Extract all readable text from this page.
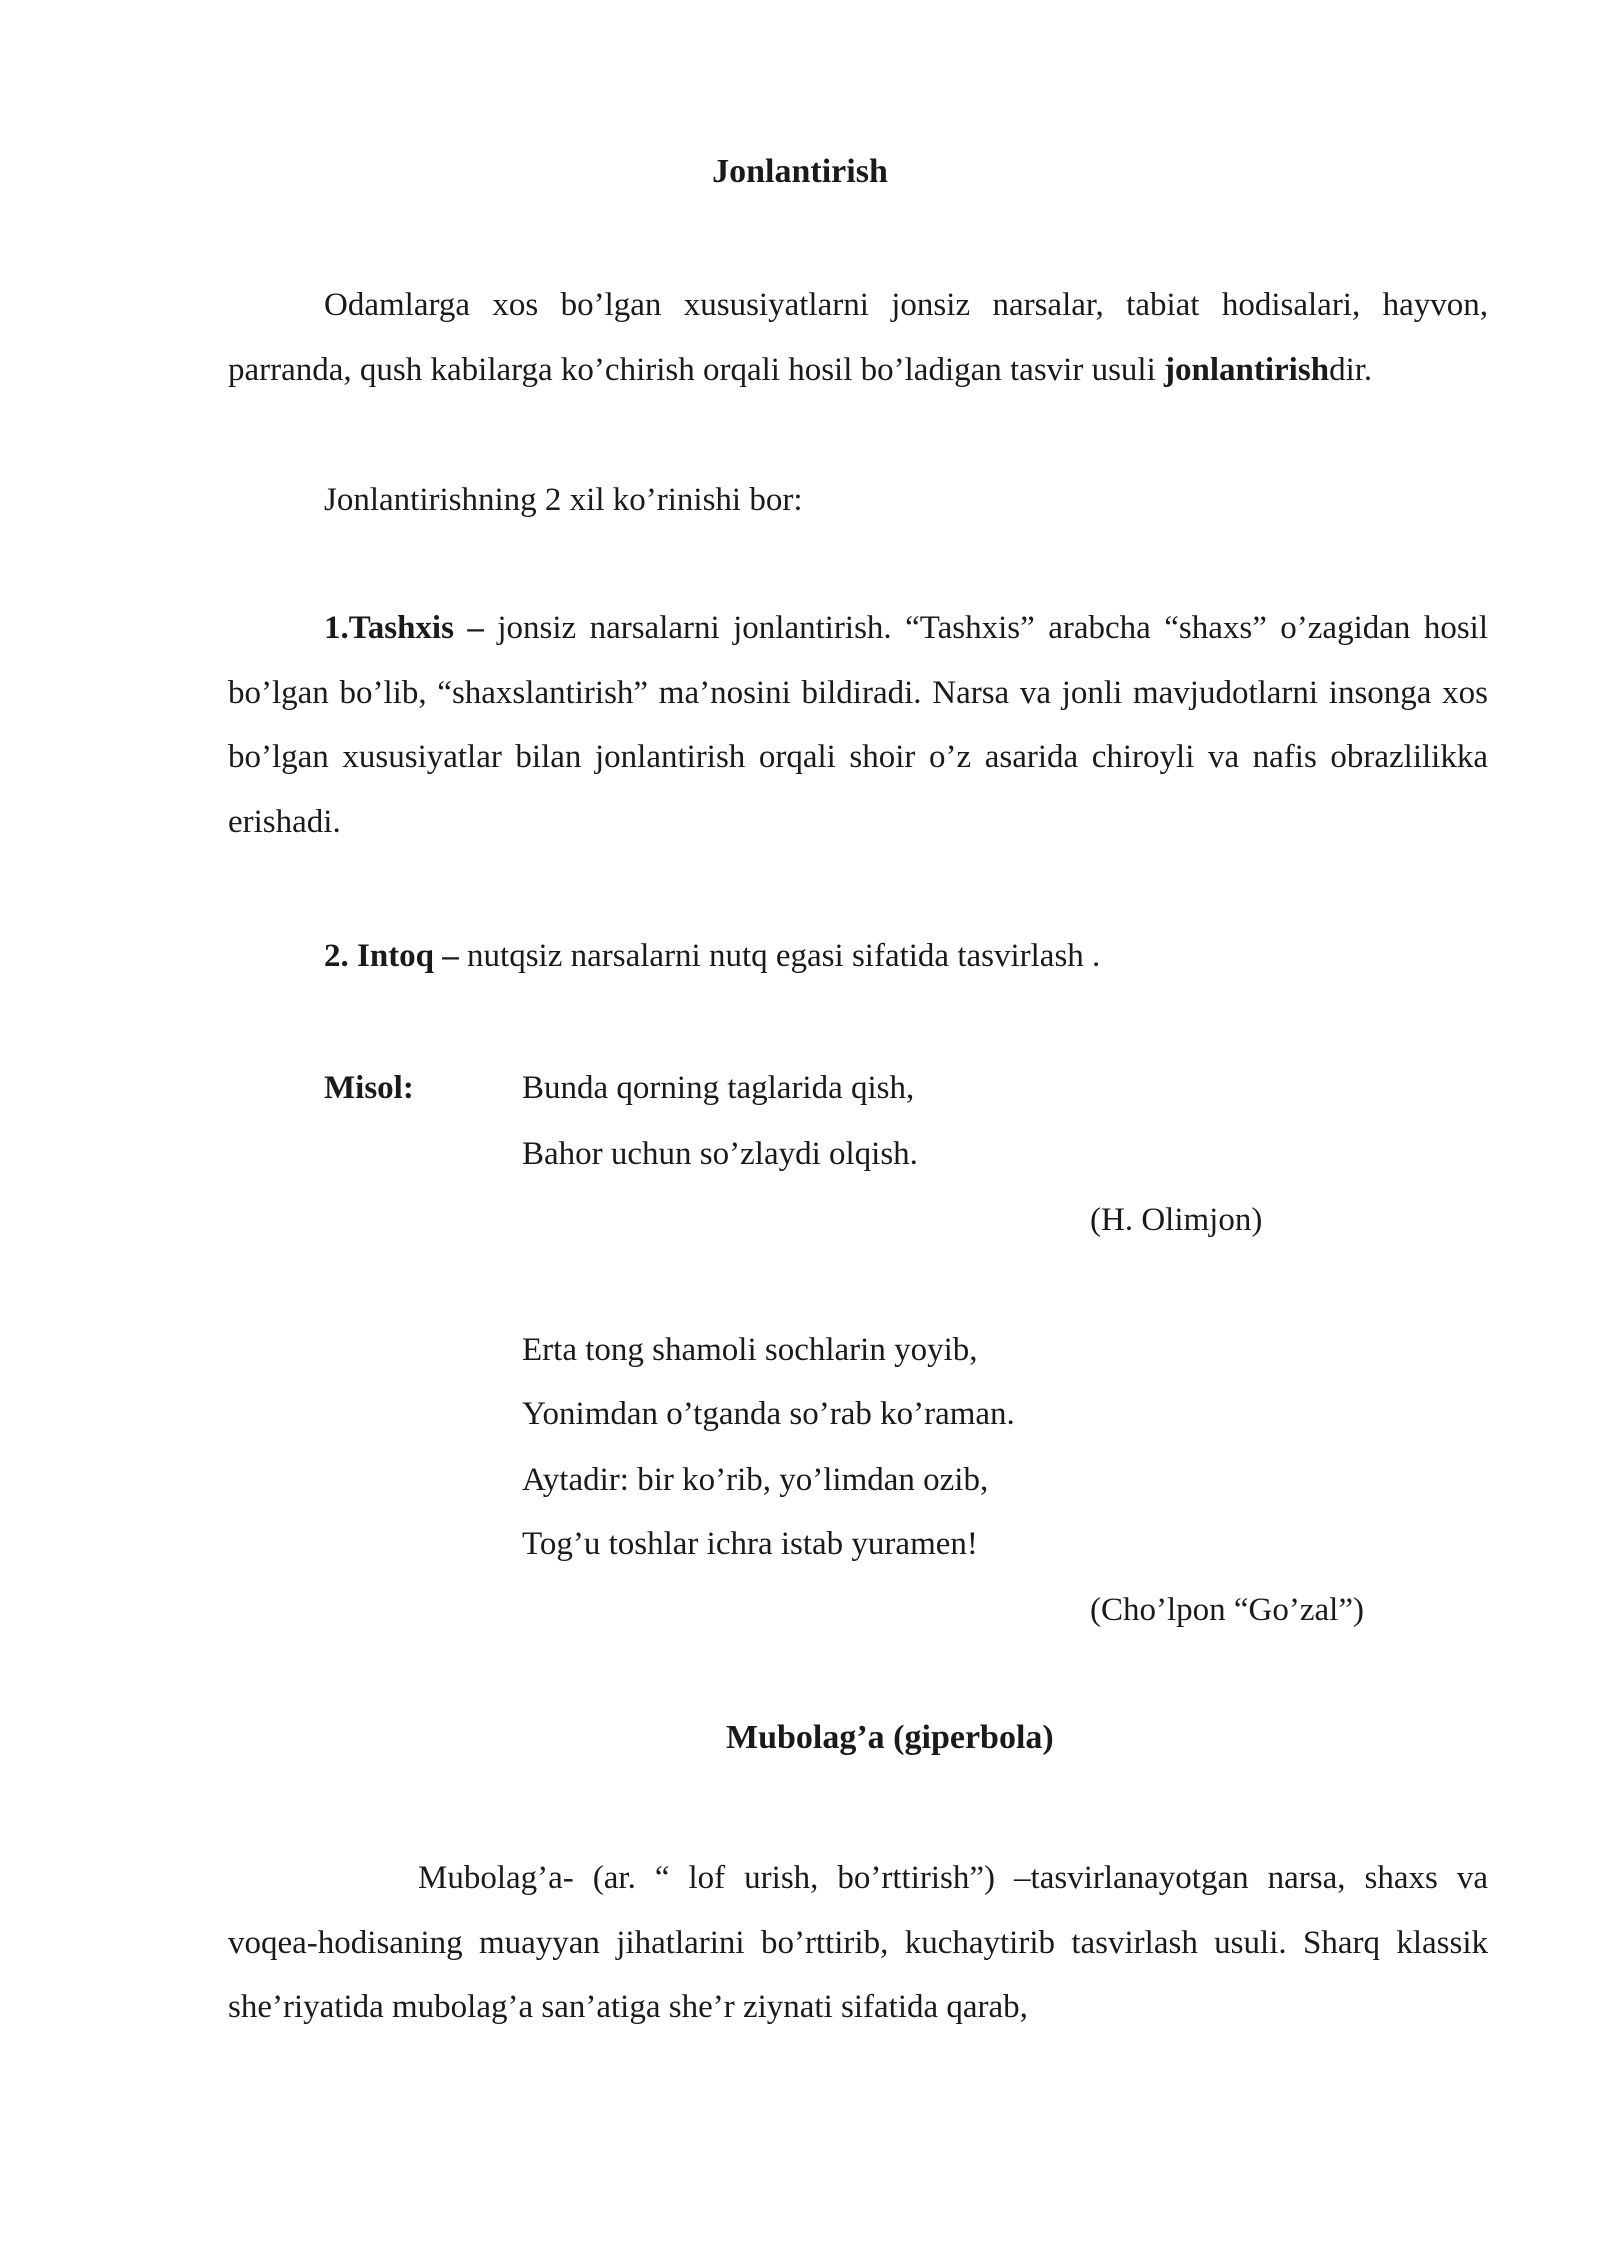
Jonlantirish

Odamlarga xos bo’lgan xususiyatlarni jonsiz narsalar, tabiat hodisalari, hayvon, parranda, qush kabilarga ko’chirish orqali hosil bo’ladigan tasvir usuli jonlantirishdir.

Jonlantirishning 2 xil ko’rinishi bor:

1.Tashxis – jonsiz narsalarni jonlantirish. “Tashxis” arabcha “shaxs” o’zagidan hosil bo’lgan bo’lib, “shaxslantirish” ma’nosini bildiradi. Narsa va jonli mavjudotlarni insonga xos bo’lgan xususiyatlar bilan jonlantirish orqali shoir o’z asarida chiroyli va nafis obrazlilikka erishadi.

2. Intoq – nutqsiz narsalarni nutq egasi sifatida tasvirlash .

Misol:	Bunda qorning taglarida qish,

Bahor uchun so’zlaydi olqish.

(H. Olimjon)

Erta tong shamoli sochlarin yoyib,

Yonimdan o’tganda so’rab ko’raman.

Aytadir: bir ko’rib, yo’limdan ozib,

Tog’u toshlar ichra istab yuramen!

(Cho’lpon “Go’zal”)

Mubolag’a (giperbola)

Mubolag’a- (ar. “ lof urish, bo’rttirish”) –tasvirlanayotgan narsa, shaxs va voqea-hodisaning muayyan jihatlarini bo’rttirib, kuchaytirib tasvirlash usuli. Sharq klassik she’riyatida mubolag’a san’atiga she’r ziynati sifatida qarab,
